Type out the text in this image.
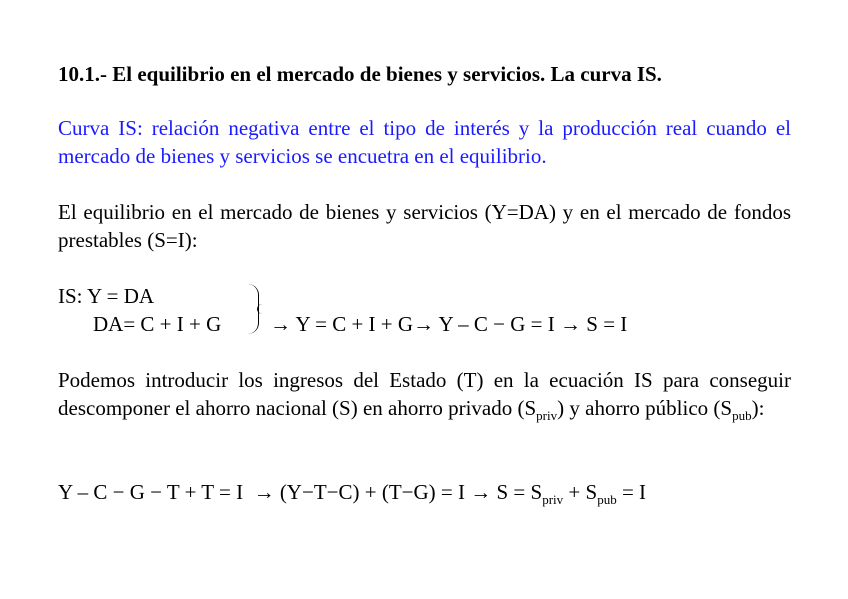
10.1.- El equilibrio en el mercado de bienes y servicios. La curva IS.
Curva IS: relación negativa entre el tipo de interés y la producción real cuando el mercado de bienes y servicios se encuetra en el equilibrio.
El equilibrio en el mercado de bienes y servicios (Y=DA) y en el mercado de fondos prestables (S=I):
IS: Y = DA
DA= C + I + G → Y = C + I + G→ Y – C − G = I → S = I
Podemos introducir los ingresos del Estado (T) en la ecuación IS para conseguir descomponer el ahorro nacional (S) en ahorro privado $(S_{priv})$ y ahorro público $(S_{pub})$:
$Y - C - G - T + T = I \to (Y-T-C) + (T-G) = I \to S = S_{priv} + S_{pub} = I$
